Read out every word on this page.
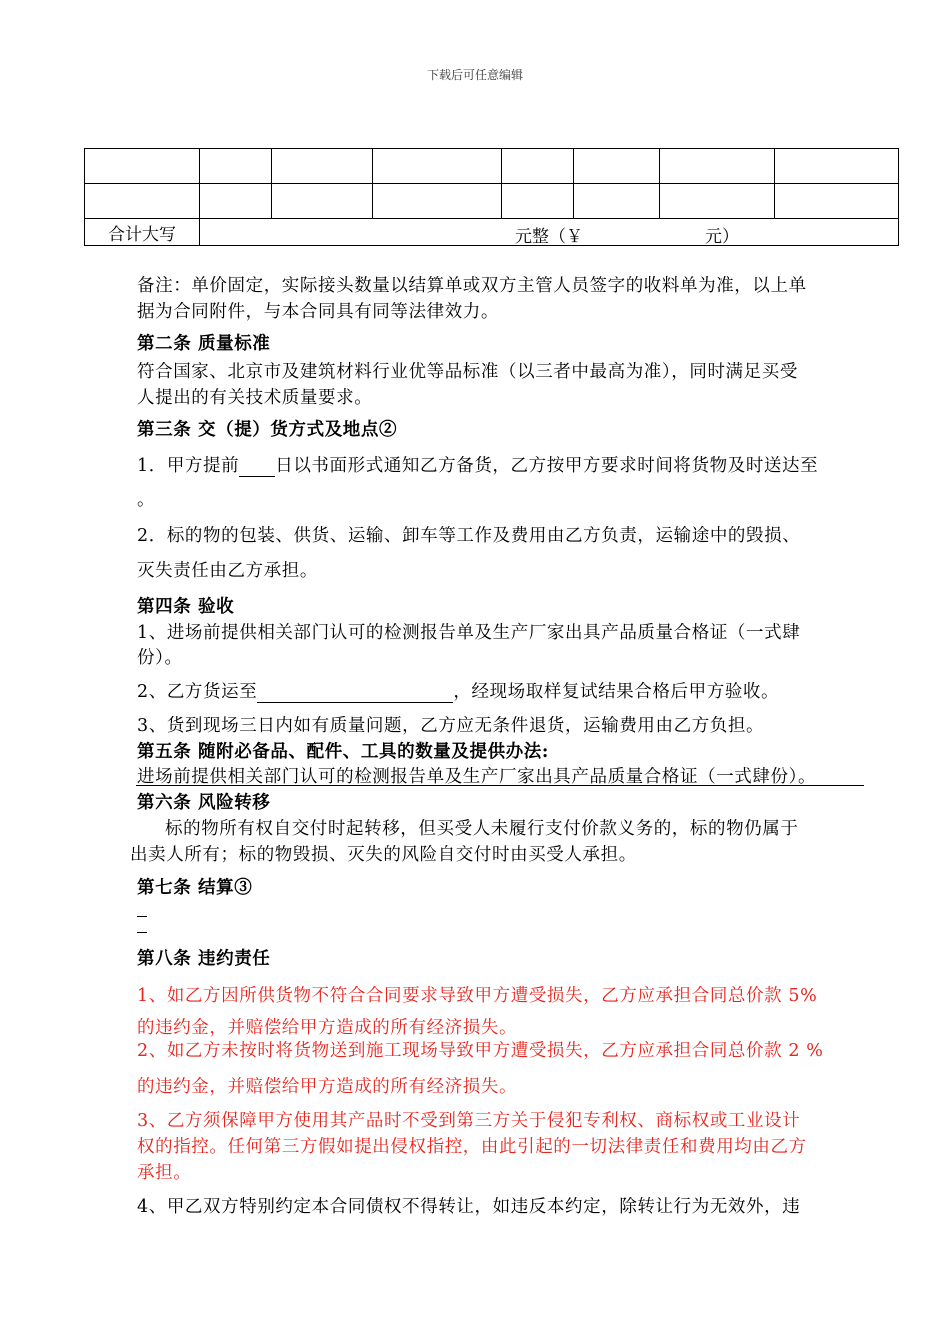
下载后可任意编辑

合计大写	元整（￥ 元）						
备注：单价固定，实际接头数量以结算单或双方主管人员签字的收料单为准，以上单
据为合同附件，与本合同具有同等法律效力。
第二条 质量标准
符合国家、北京市及建筑材料行业优等品标准（以三者中最高为准），同时满足买受
人提出的有关技术质量要求。
第三条 交（提）货方式及地点②
1．甲方提前 日以书面形式通知乙方备货，乙方按甲方要求时间将货物及时送达至
。
2．标的物的包装、供货、运输、卸车等工作及费用由乙方负责，运输途中的毁损、
灭失责任由乙方承担。
第四条 验收
1、进场前提供相关部门认可的检测报告单及生产厂家出具产品质量合格证（一式肆
份）。
2、乙方货运至	，经现场取样复试结果合格后甲方验收。
3、货到现场三日内如有质量问题，乙方应无条件退货，运输费用由乙方负担。
第五条 随附必备品、配件、工具的数量及提供办法:
进场前提供相关部门认可的检测报告单及生产厂家出具产品质量合格证（一式肆份）。
第六条 风险转移
标的物所有权自交付时起转移，但买受人未履行支付价款义务的，标的物仍属于
出卖人所有；标的物毁损、灭失的风险自交付时由买受人承担。
第七条 结算③
第八条 违约责任
1、如乙方因所供货物不符合合同要求导致甲方遭受损失，乙方应承担合同总价款 5%
的违约金，并赔偿给甲方造成的所有经济损失。
2、如乙方未按时将货物送到施工现场导致甲方遭受损失，乙方应承担合同总价款 2 %
的违约金，并赔偿给甲方造成的所有经济损失。
3、乙方须保障甲方使用其产品时不受到第三方关于侵犯专利权、商标权或工业设计
权的指控。任何第三方假如提出侵权指控，由此引起的一切法律责任和费用均由乙方
承担。
4、甲乙双方特别约定本合同债权不得转让，如违反本约定，除转让行为无效外，违
